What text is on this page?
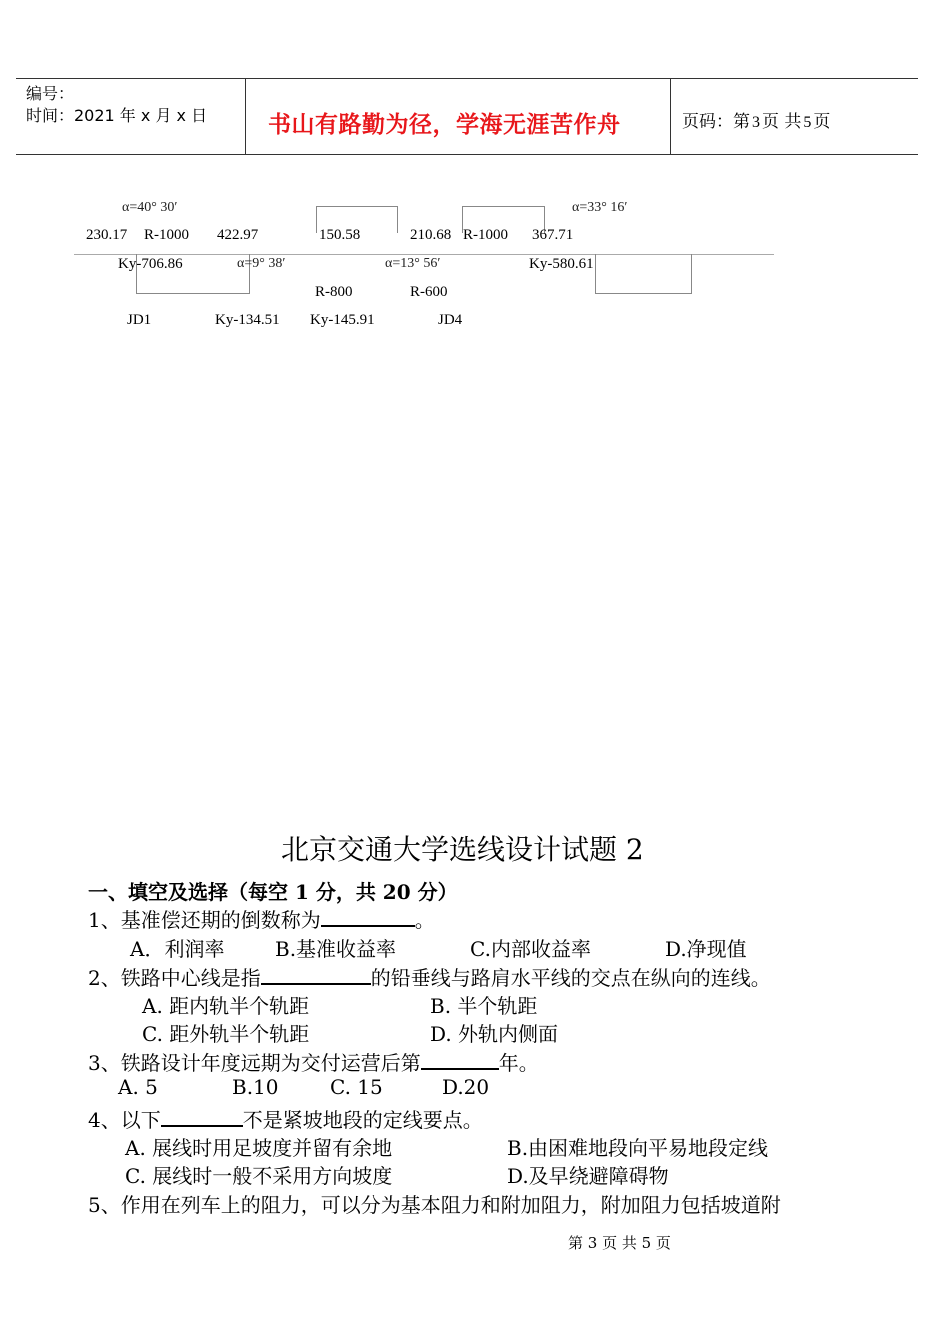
编号：
时间：2021 年 x 月 x 日	书山有路勤为径，学海无涯苦作舟	页码：第 3 页 共 5 页
α=40° 30′	α=33° 16′
230.17 R-1000 422.97	150.58	210.68 R-1000 367.71
Ky-706.86	α=9° 38′	α=13° 56′	Ky-580.61
R-800	R-600
JD1	Ky-134.51 Ky-145.91	JD4
北京交通大学选线设计试题 2
一、填空及选择（每空 1 分，共 20 分）
1、基准偿还期的倒数称为	。
A．利润率	B.基准收益率	C.内部收益率	D.净现值
2、铁路中心线是指	的铅垂线与路肩水平线的交点在纵向的连线。
A. 距内轨半个轨距	B. 半个轨距
C. 距外轨半个轨距	D. 外轨内侧面
3、铁路设计年度远期为交付运营后第	年。
A. 5	B.10	C. 15	D.20
4、以下	不是紧坡地段的定线要点。
A. 展线时用足坡度并留有余地	B.由困难地段向平易地段定线
C. 展线时一般不采用方向坡度	D.及早绕避障碍物
5、作用在列车上的阻力，可以分为基本阻力和附加阻力，附加阻力包括坡道附
第 3 页 共 5 页
